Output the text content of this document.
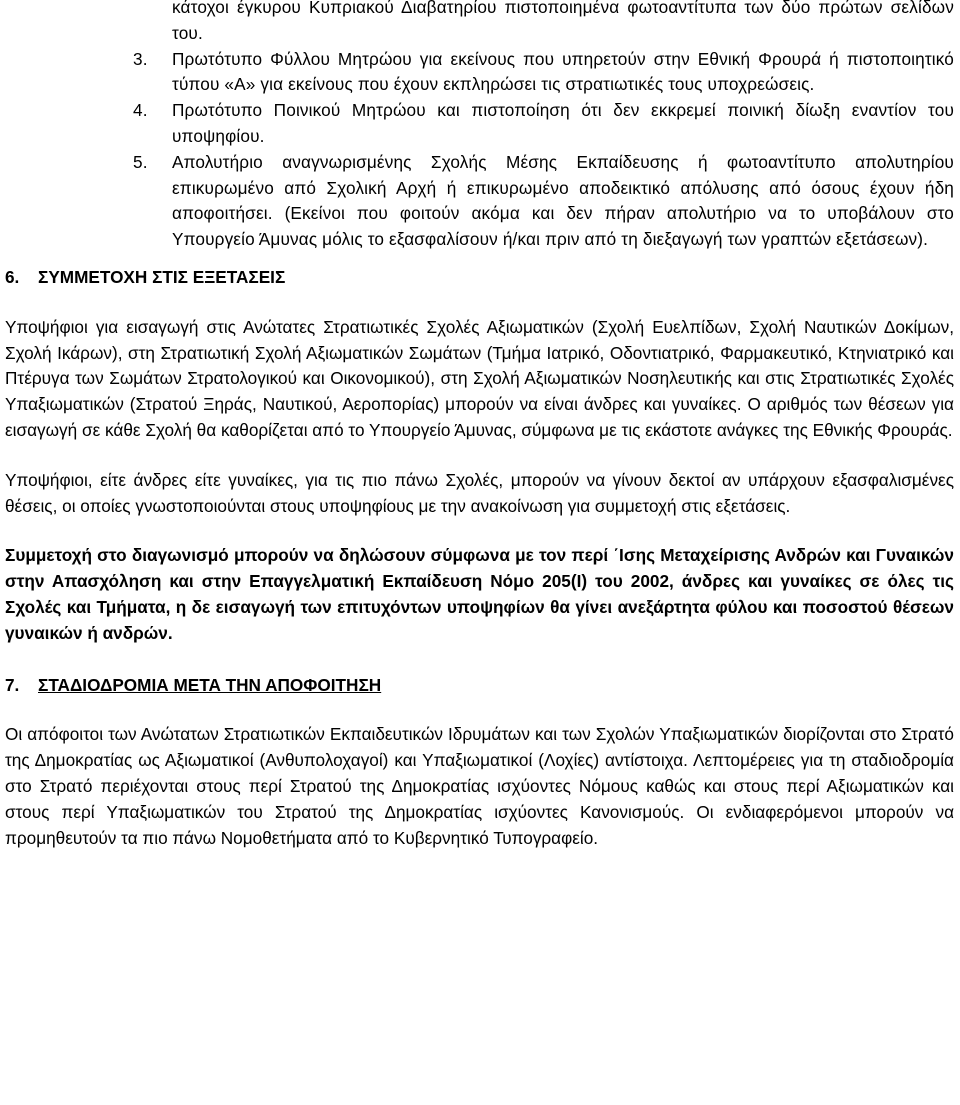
κάτοχοι έγκυρου Κυπριακού Διαβατηρίου πιστοποιημένα φωτοαντίτυπα των δύο πρώτων σελίδων του.
3. Πρωτότυπο Φύλλου Μητρώου για εκείνους που υπηρετούν στην Εθνική Φρουρά ή πιστοποιητικό τύπου «Α» για εκείνους που έχουν εκπληρώσει τις στρατιωτικές τους υποχρεώσεις.
4. Πρωτότυπο Ποινικού Μητρώου και πιστοποίηση ότι δεν εκκρεμεί ποινική δίωξη εναντίον του υποψηφίου.
5. Απολυτήριο αναγνωρισμένης Σχολής Μέσης Εκπαίδευσης ή φωτοαντίτυπο απολυτηρίου επικυρωμένο από Σχολική Αρχή ή επικυρωμένο αποδεικτικό απόλυσης από όσους έχουν ήδη αποφοιτήσει. (Εκείνοι που φοιτούν ακόμα και δεν πήραν απολυτήριο να το υποβάλουν στο Υπουργείο Άμυνας μόλις το εξασφαλίσουν ή/και πριν από τη διεξαγωγή των γραπτών εξετάσεων).
6. ΣΥΜΜΕΤΟΧΗ ΣΤΙΣ ΕΞΕΤΑΣΕΙΣ

Υποψήφιοι για εισαγωγή στις Ανώτατες Στρατιωτικές Σχολές Αξιωματικών (Σχολή Ευελπίδων, Σχολή Ναυτικών Δοκίμων, Σχολή Ικάρων), στη Στρατιωτική Σχολή Αξιωματικών Σωμάτων (Τμήμα Ιατρικό, Οδοντιατρικό, Φαρμακευτικό, Κτηνιατρικό και Πτέρυγα των Σωμάτων Στρατολογικού και Οικονομικού), στη Σχολή Αξιωματικών Νοσηλευτικής και στις Στρατιωτικές Σχολές Υπαξιωματικών (Στρατού Ξηράς, Ναυτικού, Αεροπορίας) μπορούν να είναι άνδρες και γυναίκες. Ο αριθμός των θέσεων για εισαγωγή σε κάθε Σχολή θα καθορίζεται από το Υπουργείο Άμυνας, σύμφωνα με τις εκάστοτε ανάγκες της Εθνικής Φρουράς.

Υποψήφιοι, είτε άνδρες είτε γυναίκες, για τις πιο πάνω Σχολές, μπορούν να γίνουν δεκτοί αν υπάρχουν εξασφαλισμένες θέσεις, οι οποίες γνωστοποιούνται στους υποψηφίους με την ανακοίνωση για συμμετοχή στις εξετάσεις.

Συμμετοχή στο διαγωνισμό μπορούν να δηλώσουν σύμφωνα με τον περί ΄Ισης Μεταχείρισης Ανδρών και Γυναικών στην Απασχόληση και στην Επαγγελματική Εκπαίδευση Νόμο 205(Ι) του 2002, άνδρες και γυναίκες σε όλες τις Σχολές και Τμήματα, η δε εισαγωγή των επιτυχόντων υποψηφίων θα γίνει ανεξάρτητα φύλου και ποσοστού θέσεων γυναικών ή ανδρών.

7. ΣΤΑΔΙΟΔΡΟΜΙΑ ΜΕΤΑ ΤΗΝ ΑΠΟΦΟΙΤΗΣΗ

Οι απόφοιτοι των Ανώτατων Στρατιωτικών Εκπαιδευτικών Ιδρυμάτων και των Σχολών Υπαξιωματικών διορίζονται στο Στρατό της Δημοκρατίας ως Αξιωματικοί (Ανθυπολοχαγοί) και Υπαξιωματικοί (Λοχίες) αντίστοιχα. Λεπτομέρειες για τη σταδιοδρομία στο Στρατό περιέχονται στους περί Στρατού της Δημοκρατίας ισχύοντες Νόμους καθώς και στους περί Αξιωματικών και στους περί Υπαξιωματικών του Στρατού της Δημοκρατίας ισχύοντες Κανονισμούς. Οι ενδιαφερόμενοι μπορούν να προμηθευτούν τα πιο πάνω Νομοθετήματα από το Κυβερνητικό Τυπογραφείο.
